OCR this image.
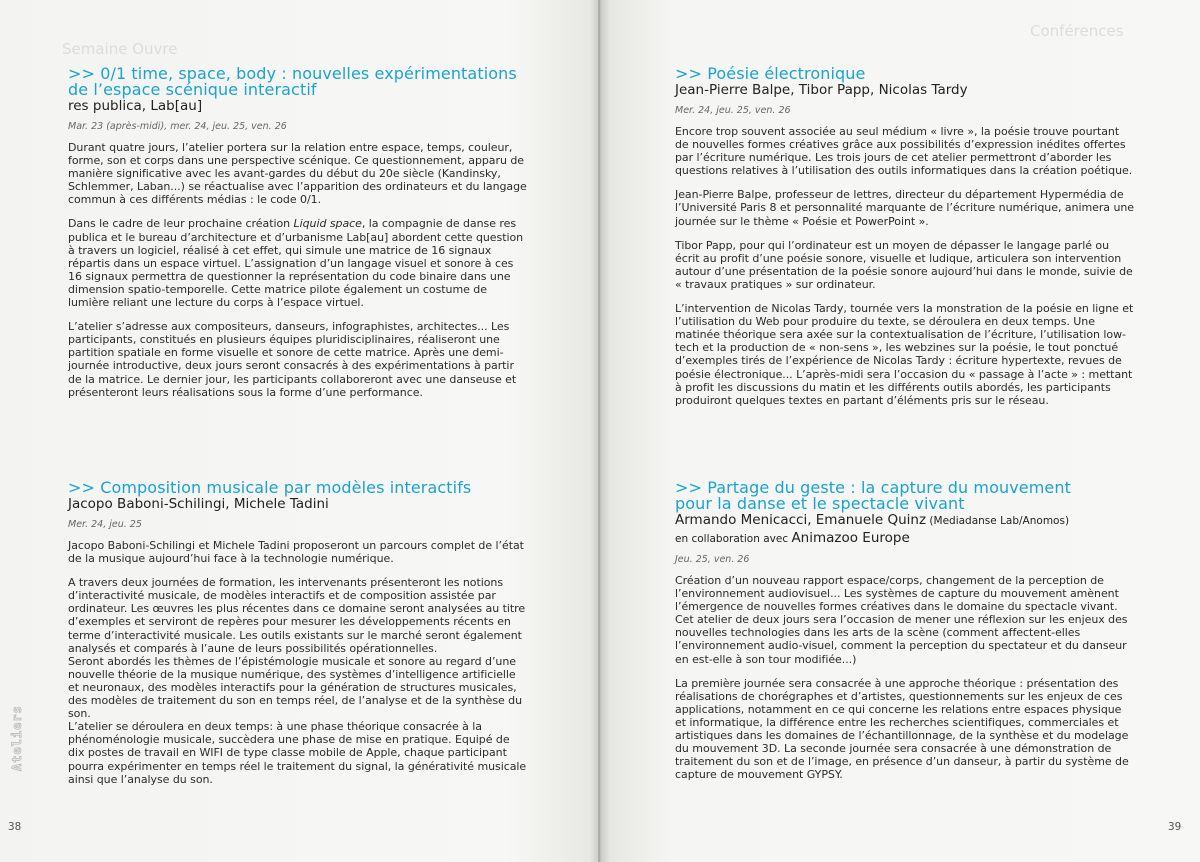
Semaine Ouvre
>> 0/1 time, space, body : nouvelles expérimentations
de l’espace scénique interactif

res publica, Lab[au]

Mar. 23 (après-midi), mer. 24, jeu. 25, ven. 26

Durant quatre jours, l’atelier portera sur la relation entre espace, temps, couleur, forme, son et corps dans une perspective scénique. Ce questionnement, apparu de manière significative avec les avant-gardes du début du 20e siècle (Kandinsky, Schlemmer, Laban...) se réactualise avec l’apparition des ordinateurs et du langage commun à ces différents médias : le code 0/1.

Dans le cadre de leur prochaine création Liquid space, la compagnie de danse res publica et le bureau d’architecture et d’urbanisme Lab[au] abordent cette question à travers un logiciel, réalisé à cet effet, qui simule une matrice de 16 signaux répartis dans un espace virtuel. L’assignation d’un langage visuel et sonore à ces 16 signaux permettra de questionner la représentation du code binaire dans une dimension spatio-temporelle. Cette matrice pilote également un costume de lumière reliant une lecture du corps à l’espace virtuel.

L’atelier s’adresse aux compositeurs, danseurs, infographistes, architectes... Les participants, constitués en plusieurs équipes pluridisciplinaires, réaliseront une partition spatiale en forme visuelle et sonore de cette matrice. Après une demi-journée introductive, deux jours seront consacrés à des expérimentations à partir de la matrice. Le dernier jour, les participants collaboreront avec une danseuse et présenteront leurs réalisations sous la forme d’une performance.

>> Composition musicale par modèles interactifs

Jacopo Baboni-Schilingi, Michele Tadini

Mer. 24, jeu. 25

Jacopo Baboni-Schilingi et Michele Tadini proposeront un parcours complet de l’état de la musique aujourd’hui face à la technologie numérique.

A travers deux journées de formation, les intervenants présenteront les notions d’interactivité musicale, de modèles interactifs et de composition assistée par ordinateur. Les œuvres les plus récentes dans ce domaine seront analysées au titre d’exemples et serviront de repères pour mesurer les développements récents en terme d’interactivité musicale. Les outils existants sur le marché seront également analysés et comparés à l’aune de leurs possibilités opérationnelles.

Seront abordés les thèmes de l’épistémologie musicale et sonore au regard d’une nouvelle théorie de la musique numérique, des systèmes d’intelligence artificielle et neuronaux, des modèles interactifs pour la génération de structures musicales, des modèles de traitement du son en temps réel, de l’analyse et de la synthèse du son.

L’atelier se déroulera en deux temps: à une phase théorique consacrée à la phénoménologie musicale, succèdera une phase de mise en pratique. Equipé de dix postes de travail en WIFI de type classe mobile de Apple, chaque participant pourra expérimenter en temps réel le traitement du signal, la générativité musicale ainsi que l’analyse du son.

Ateliers
38
Conférences
>> Poésie électronique

Jean-Pierre Balpe, Tibor Papp, Nicolas Tardy

Mer. 24, jeu. 25, ven. 26

Encore trop souvent associée au seul médium « livre », la poésie trouve pourtant de nouvelles formes créatives grâce aux possibilités d’expression inédites offertes par l’écriture numérique. Les trois jours de cet atelier permettront d’aborder les questions relatives à l’utilisation des outils informatiques dans la création poétique.

Jean-Pierre Balpe, professeur de lettres, directeur du département Hypermédia de l’Université Paris 8 et personnalité marquante de l’écriture numérique, animera une journée sur le thème « Poésie et PowerPoint ».

Tibor Papp, pour qui l’ordinateur est un moyen de dépasser le langage parlé ou écrit au profit d’une poésie sonore, visuelle et ludique, articulera son intervention autour d’une présentation de la poésie sonore aujourd’hui dans le monde, suivie de « travaux pratiques » sur ordinateur.

L’intervention de Nicolas Tardy, tournée vers la monstration de la poésie en ligne et l’utilisation du Web pour produire du texte, se déroulera en deux temps. Une matinée théorique sera axée sur la contextualisation de l’écriture, l’utilisation low-tech et la production de « non-sens », les webzines sur la poésie, le tout ponctué d’exemples tirés de l’expérience de Nicolas Tardy : écriture hypertexte, revues de poésie électronique... L’après-midi sera l’occasion du « passage à l’acte » : mettant à profit les discussions du matin et les différents outils abordés, les participants produiront quelques textes en partant d’éléments pris sur le réseau.

>> Partage du geste : la capture du mouvement
pour la danse et le spectacle vivant

Armando Menicacci, Emanuele Quinz (Mediadanse Lab/Anomos)

en collaboration avec Animazoo Europe

Jeu. 25, ven. 26

Création d’un nouveau rapport espace/corps, changement de la perception de l’environnement audiovisuel... Les systèmes de capture du mouvement amènent l’émergence de nouvelles formes créatives dans le domaine du spectacle vivant. Cet atelier de deux jours sera l’occasion de mener une réflexion sur les enjeux des nouvelles technologies dans les arts de la scène (comment affectent-elles l’environnement audio-visuel, comment la perception du spectateur et du danseur en est-elle à son tour modifiée...)

La première journée sera consacrée à une approche théorique : présentation des réalisations de chorégraphes et d’artistes, questionnements sur les enjeux de ces applications, notamment en ce qui concerne les relations entre espaces physique et informatique, la différence entre les recherches scientifiques, commerciales et artistiques dans les domaines de l’échantillonnage, de la synthèse et du modelage du mouvement 3D. La seconde journée sera consacrée à une démonstration de traitement du son et de l’image, en présence d’un danseur, à partir du système de capture de mouvement GYPSY.

39
